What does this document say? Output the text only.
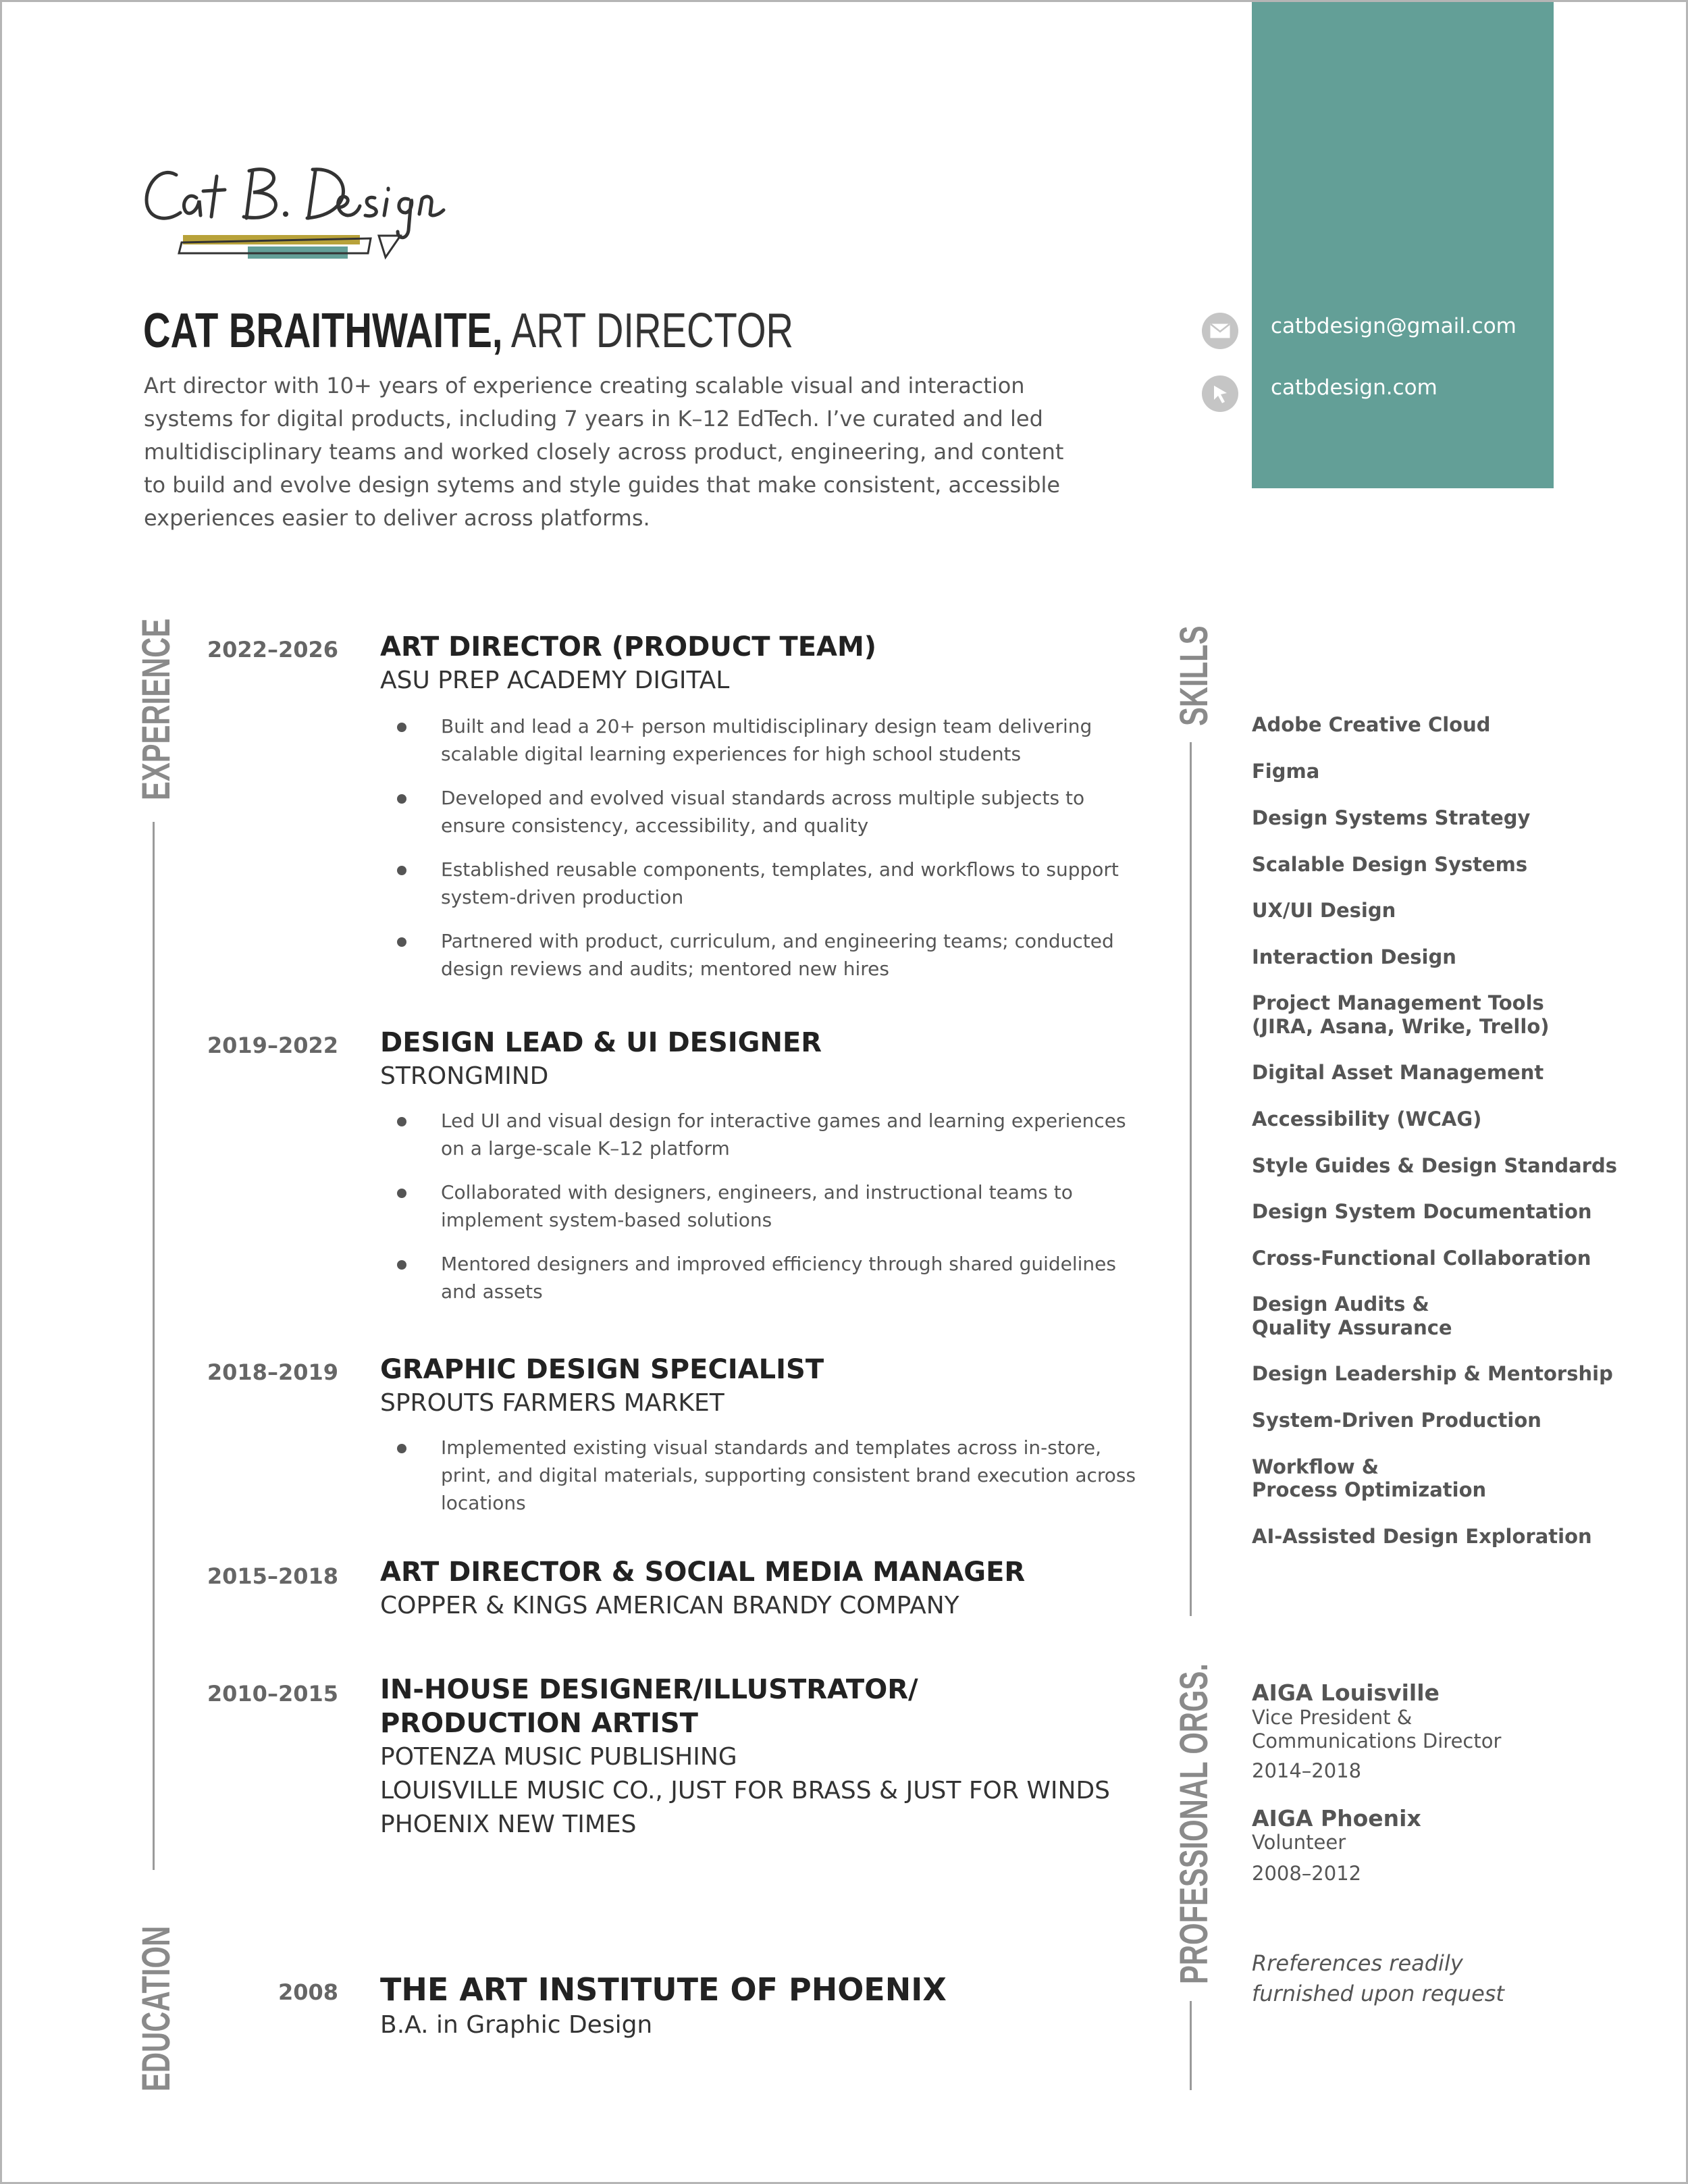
catbdesign@gmail.com
catbdesign.com
CAT BRAITHWAITE, ART DIRECTOR

Art director with 10+ years of experience creating scalable visual and interaction systems for digital products, including 7 years in K–12 EdTech. I’ve curated and led multidisciplinary teams and worked closely across product, engineering, and content to build and evolve design sytems and style guides that make consistent, accessible experiences easier to deliver across platforms.

EXPERIENCE 2022–2026 ART DIRECTOR (PRODUCT TEAM)
ASU PREP ACADEMY DIGITAL
Built and lead a 20+ person multidisciplinary design team delivering scalable digital learning experiences for high school students
Developed and evolved visual standards across multiple subjects to ensure consistency, accessibility, and quality
Established reusable components, templates, and workflows to support system-driven production
Partnered with product, curriculum, and engineering teams; conducted design reviews and audits; mentored new hires
2019–2022 DESIGN LEAD & UI DESIGNER
STRONGMIND
Led UI and visual design for interactive games and learning experiences on a large-scale K–12 platform
Collaborated with designers, engineers, and instructional teams to implement system-based solutions
Mentored designers and improved efficiency through shared guidelines and assets
2018–2019 GRAPHIC DESIGN SPECIALIST
SPROUTS FARMERS MARKET
Implemented existing visual standards and templates across in-store, print, and digital materials, supporting consistent brand execution across locations
2015–2018 ART DIRECTOR & SOCIAL MEDIA MANAGER
COPPER & KINGS AMERICAN BRANDY COMPANY
2010–2015 IN-HOUSE DESIGNER/ILLUSTRATOR/
PRODUCTION ARTIST
POTENZA MUSIC PUBLISHING
LOUISVILLE MUSIC CO., JUST FOR BRASS & JUST FOR WINDS
PHOENIX NEW TIMES
EDUCATION	2008 THE ART INSTITUTE OF PHOENIX
B.A. in Graphic Design
SKILLS Adobe Creative Cloud
Figma
Design Systems Strategy
Scalable Design Systems
UX/UI Design
Interaction Design
Project Management Tools
(JIRA, Asana, Wrike, Trello)
Digital Asset Management
Accessibility (WCAG)
Style Guides & Design Standards
Design System Documentation
Cross-Functional Collaboration
Design Audits &
Quality Assurance
Design Leadership & Mentorship
System-Driven Production
Workflow &
Process Optimization
AI-Assisted Design Exploration
PROFESSIONAL ORGS. AIGA Louisville
Vice President &
Communications Director
2014–2018
AIGA Phoenix
Volunteer
2008–2012
Rreferences readily furnished upon request
